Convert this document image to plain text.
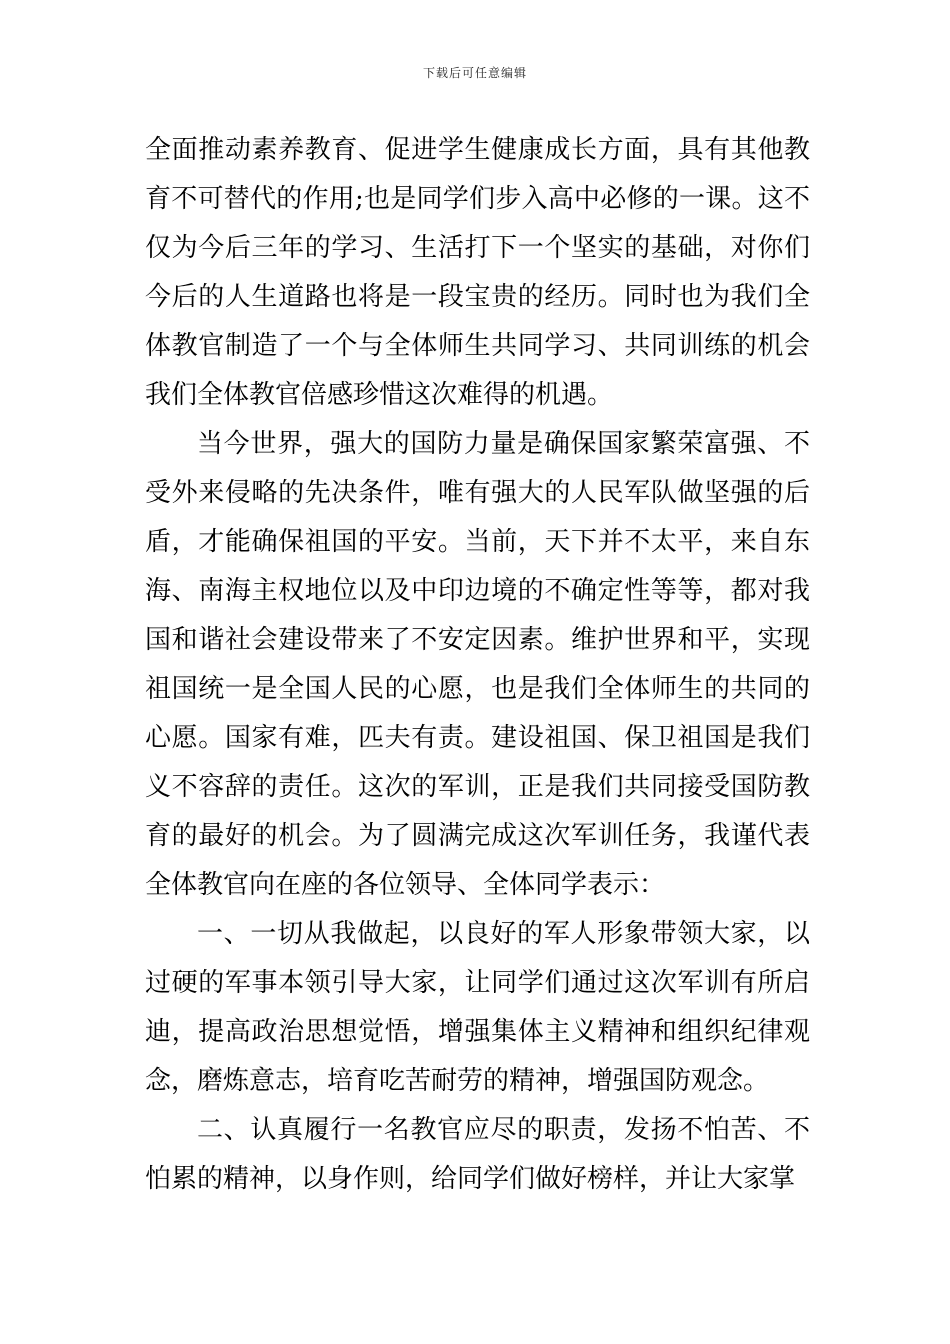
下载后可任意编辑

全面推动素养教育、促进学生健康成长方面，具有其他教育不可替代的作用;也是同学们步入高中必修的一课。这不仅为今后三年的学习、生活打下一个坚实的基础，对你们今后的人生道路也将是一段宝贵的经历。同时也为我们全体教官制造了一个与全体师生共同学习、共同训练的机会我们全体教官倍感珍惜这次难得的机遇。

当今世界，强大的国防力量是确保国家繁荣富强、不受外来侵略的先决条件，唯有强大的人民军队做坚强的后盾，才能确保祖国的平安。当前，天下并不太平，来自东海、南海主权地位以及中印边境的不确定性等等，都对我国和谐社会建设带来了不安定因素。维护世界和平，实现祖国统一是全国人民的心愿，也是我们全体师生的共同的心愿。国家有难，匹夫有责。建设祖国、保卫祖国是我们义不容辞的责任。这次的军训，正是我们共同接受国防教育的最好的机会。为了圆满完成这次军训任务，我谨代表全体教官向在座的各位领导、全体同学表示：

一、一切从我做起，以良好的军人形象带领大家，以过硬的军事本领引导大家，让同学们通过这次军训有所启迪，提高政治思想觉悟，增强集体主义精神和组织纪律观念，磨炼意志，培育吃苦耐劳的精神，增强国防观念。

二、认真履行一名教官应尽的职责，发扬不怕苦、不怕累的精神，以身作则，给同学们做好榜样，并让大家掌
